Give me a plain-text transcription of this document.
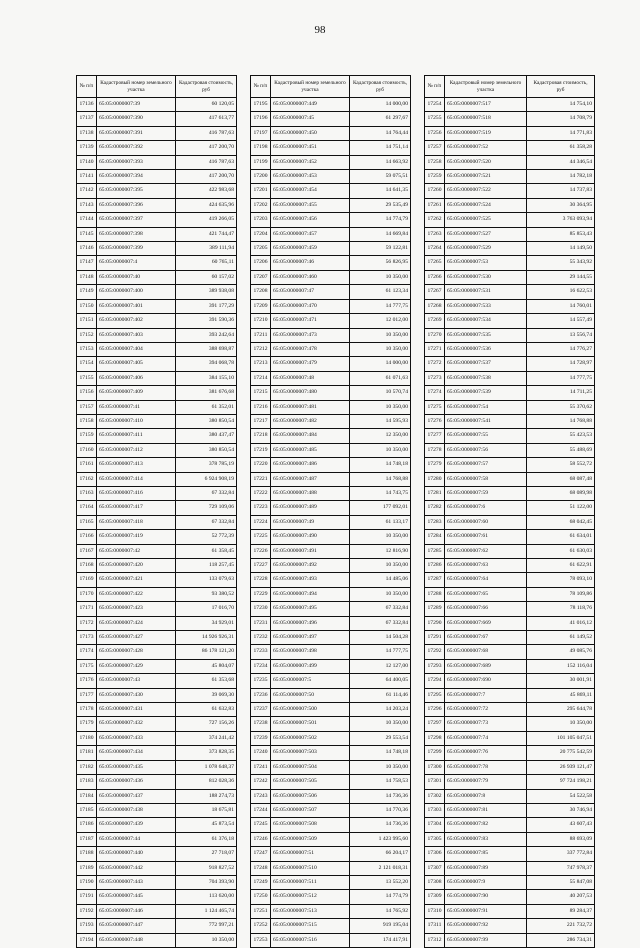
98
№ п/п	Кадастровый номер земельного участка	Кадастровая стоимость, руб
17136	65:05:0000007:39	60 120,05
17137	65:05:0000007:390	417 613,77
17138	65:05:0000007:391	416 787,63
17139	65:05:0000007:392	417 200,70
17140	65:05:0000007:393	416 787,63
17141	65:05:0000007:394	417 200,70
17142	65:05:0000007:395	422 983,68
17143	65:05:0000007:396	424 635,96
17144	65:05:0000007:397	419 266,05
17145	65:05:0000007:398	421 744,47
17146	65:05:0000007:399	389 111,94
17147	65:05:0000007:4	60 765,11
17148	65:05:0000007:40	60 157,02
17149	65:05:0000007:400	389 938,08
17150	65:05:0000007:401	391 177,29
17151	65:05:0000007:402	391 590,36
17152	65:05:0000007:403	393 242,64
17153	65:05:0000007:404	388 698,87
17154	65:05:0000007:405	394 068,78
17155	65:05:0000007:406	384 155,10
17156	65:05:0000007:409	381 676,68
17157	65:05:0000007:41	61 352,01
17158	65:05:0000007:410	380 850,54
17159	65:05:0000007:411	380 437,47
17160	65:05:0000007:412	380 850,54
17161	65:05:0000007:413	378 785,19
17162	65:05:0000007:414	6 924 908,19
17163	65:05:0000007:416	67 332,84
17164	65:05:0000007:417	729 109,06
17165	65:05:0000007:418	67 332,84
17166	65:05:0000007:419	52 772,39
17167	65:05:0000007:42	61 358,45
17168	65:05:0000007:420	118 257,45
17169	65:05:0000007:421	133 079,63
17170	65:05:0000007:422	93 380,52
17171	65:05:0000007:423	17 016,70
17172	65:05:0000007:424	34 929,01
17173	65:05:0000007:427	14 926 926,31
17174	65:05:0000007:428	86 178 121,20
17175	65:05:0000007:429	45 804,07
17176	65:05:0000007:43	61 353,68
17177	65:05:0000007:430	39 069,30
17178	65:05:0000007:431	61 632,83
17179	65:05:0000007:432	727 156,26
17180	65:05:0000007:433	374 241,42
17181	65:05:0000007:434	373 828,35
17182	65:05:0000007:435	1 078 648,37
17183	65:05:0000007:436	812 028,36
17184	65:05:0000007:437	188 274,73
17185	65:05:0000007:438	18 675,81
17186	65:05:0000007:439	45 873,54
17187	65:05:0000007:44	61 376,18
17188	65:05:0000007:440	27 718,07
17189	65:05:0000007:442	918 827,52
17190	65:05:0000007:443	704 393,90
17191	65:05:0000007:445	113 620,00
17192	65:05:0000007:446	1 124 465,74
17193	65:05:0000007:447	772 997,21
17194	65:05:0000007:448	10 350,00
№ п/п	Кадастровый номер земельного участка	Кадастровая стоимость, руб
17195	65:05:0000007:449	14 000,00
17196	65:05:0000007:45	61 297,67
17197	65:05:0000007:450	14 764,44
17198	65:05:0000007:451	14 751,14
17199	65:05:0000007:452	14 663,92
17200	65:05:0000007:453	59 075,51
17201	65:05:0000007:454	14 641,35
17202	65:05:0000007:455	29 535,49
17203	65:05:0000007:456	14 774,79
17204	65:05:0000007:457	14 669,84
17205	65:05:0000007:459	59 122,81
17206	65:05:0000007:46	56 826,95
17207	65:05:0000007:460	10 350,00
17208	65:05:0000007:47	61 123,34
17209	65:05:0000007:470	14 777,75
17210	65:05:0000007:471	12 012,00
17211	65:05:0000007:473	10 350,00
17212	65:05:0000007:478	10 350,00
17213	65:05:0000007:479	14 000,00
17214	65:05:0000007:48	61 071,63
17215	65:05:0000007:480	10 570,74
17216	65:05:0000007:481	10 350,00
17217	65:05:0000007:482	14 595,93
17218	65:05:0000007:484	12 350,00
17219	65:05:0000007:485	10 350,00
17220	65:05:0000007:486	14 748,18
17221	65:05:0000007:487	14 768,88
17222	65:05:0000007:488	14 743,75
17223	65:05:0000007:489	177 092,01
17224	65:05:0000007:49	61 133,17
17225	65:05:0000007:490	10 350,00
17226	65:05:0000007:491	12 816,90
17227	65:05:0000007:492	10 350,00
17228	65:05:0000007:493	14 485,06
17229	65:05:0000007:494	10 350,00
17230	65:05:0000007:495	67 332,84
17231	65:05:0000007:496	67 332,84
17232	65:05:0000007:497	14 504,28
17233	65:05:0000007:498	14 777,75
17234	65:05:0000007:499	12 127,00
17235	65:05:0000007:5	64 400,05
17236	65:05:0000007:50	61 114,46
17237	65:05:0000007:500	14 203,24
17238	65:05:0000007:501	10 350,00
17239	65:05:0000007:502	29 553,54
17240	65:05:0000007:503	14 748,18
17241	65:05:0000007:504	10 350,00
17242	65:05:0000007:505	14 758,53
17243	65:05:0000007:506	14 736,36
17244	65:05:0000007:507	14 770,36
17245	65:05:0000007:508	14 736,36
17246	65:05:0000007:509	1 423 995,60
17247	65:05:0000007:51	66 204,17
17248	65:05:0000007:510	2 121 018,31
17249	65:05:0000007:511	13 552,20
17250	65:05:0000007:512	14 774,79
17251	65:05:0000007:513	14 765,92
17252	65:05:0000007:515	919 195,04
17253	65:05:0000007:516	174 417,91
№ п/п	Кадастровый номер земельного участка	Кадастровая стоимость, руб
17254	65:05:0000007:517	14 754,10
17255	65:05:0000007:518	14 708,79
17256	65:05:0000007:519	14 771,83
17257	65:05:0000007:52	61 358,28
17258	65:05:0000007:520	44 346,54
17259	65:05:0000007:521	14 782,18
17260	65:05:0000007:522	14 737,83
17261	65:05:0000007:524	30 364,95
17262	65:05:0000007:525	3 763 093,94
17263	65:05:0000007:527	85 853,43
17264	65:05:0000007:529	14 149,50
17265	65:05:0000007:53	55 343,92
17266	65:05:0000007:530	29 144,55
17267	65:05:0000007:531	16 622,53
17268	65:05:0000007:533	14 760,01
17269	65:05:0000007:534	14 557,49
17270	65:05:0000007:535	13 556,74
17271	65:05:0000007:536	14 776,27
17272	65:05:0000007:537	14 728,97
17273	65:05:0000007:538	14 777,75
17274	65:05:0000007:539	14 711,25
17275	65:05:0000007:54	55 370,62
17276	65:05:0000007:541	14 768,88
17277	65:05:0000007:55	55 423,53
17278	65:05:0000007:56	55 488,69
17279	65:05:0000007:57	58 552,72
17280	65:05:0000007:58	68 087,48
17281	65:05:0000007:59	68 089,98
17282	65:05:0000007:6	51 122,00
17283	65:05:0000007:60	68 042,45
17284	65:05:0000007:61	61 634,01
17285	65:05:0000007:62	61 630,03
17286	65:05:0000007:63	61 622,91
17287	65:05:0000007:64	78 093,10
17288	65:05:0000007:65	78 109,86
17289	65:05:0000007:66	78 118,76
17290	65:05:0000007:669	41 016,12
17291	65:05:0000007:67	61 149,52
17292	65:05:0000007:68	49 085,76
17293	65:05:0000007:689	152 116,04
17294	65:05:0000007:690	30 001,91
17295	65:05:0000007:7	45 869,11
17296	65:05:0000007:72	295 644,78
17297	65:05:0000007:73	10 350,00
17298	65:05:0000007:74	101 105 047,51
17299	65:05:0000007:76	20 775 542,59
17300	65:05:0000007:78	26 939 121,47
17301	65:05:0000007:79	97 724 198,21
17302	65:05:0000007:8	54 522,58
17303	65:05:0000007:81	30 746,94
17304	65:05:0000007:82	43 607,43
17305	65:05:0000007:83	88 693,09
17306	65:05:0000007:85	337 772,84
17307	65:05:0000007:89	747 978,37
17308	65:05:0000007:9	55 847,08
17309	65:05:0000007:90	40 207,53
17310	65:05:0000007:91	89 284,37
17311	65:05:0000007:92	221 732,72
17312	65:05:0000007:99	286 734,31
